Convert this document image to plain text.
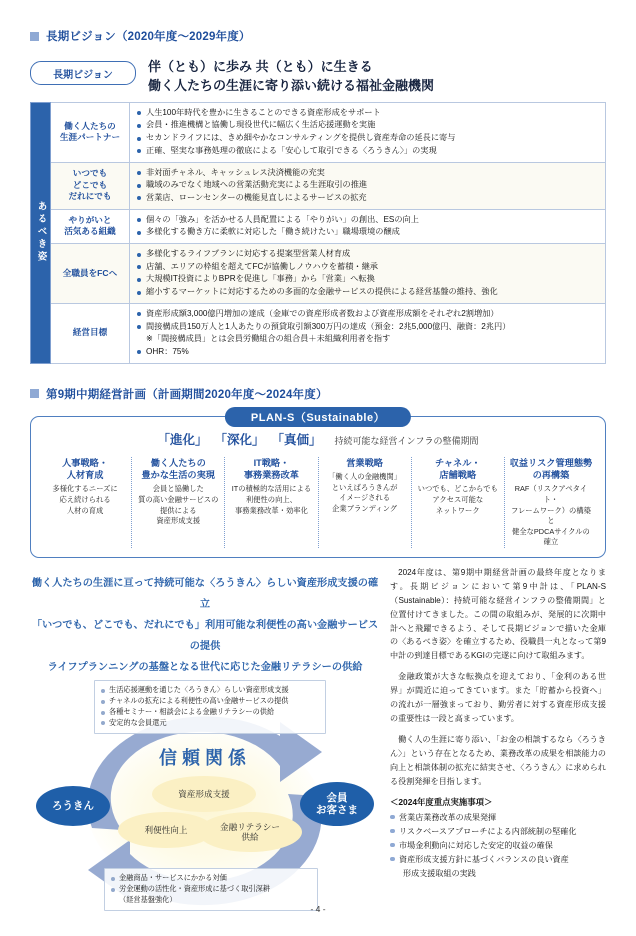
長期ビジョン（2020年度〜2029年度）
長期ビジョン
伴（とも）に歩み 共（とも）に生きる
働く人たちの生涯に寄り添い続ける福祉金融機関
あるべき姿
働く人たちの
生涯パートナー
人生100年時代を豊かに生きることのできる資産形成をサポート
会員・推進機構と協働し現役世代に幅広く生活応援運動を実施
セカンドライフには、きめ細やかなコンサルティングを提供し資産寿命の延長に寄与
正確、堅実な事務処理の徹底による「安心して取引できる〈ろうきん〉」の実現
いつでも
どこでも
だれにでも
非対面チャネル、キャッシュレス決済機能の充実
職域のみでなく地域への営業活動充実による生涯取引の推進
営業店、ローンセンターの機能見直しによるサービスの拡充
やりがいと
活気ある組織
個々の「強み」を活かせる人員配置による「やりがい」の創出、ESの向上
多様化する働き方に柔軟に対応した「働き続けたい」職場環境の醸成
全職員をFCへ
多様化するライフプランに対応する提案型営業人材育成
店舗、エリアの枠組を超えてFCが協働しノウハウを蓄積・継承
大規模IT投資によりBPRを促進し「事務」から「営業」へ転換
縮小するマーケットに対応するための多面的な金融サービスの提供による経営基盤の維持、強化
経営目標
資産形成額3,000億円増加の達成（金庫での資産形成者数および資産形成額をそれぞれ2割増加）
間接構成員150万人と1人あたりの預貸取引額300万円の達成（預金：2兆5,000億円、融資：2兆円）
※「間接構成員」とは会員労働組合の組合員＋未組織利用者を指す
OHR：75%
第9期中期経営計画（計画期間2020年度〜2024年度）
PLAN-S（Sustainable）
「進化」 「深化」 「真価」 持続可能な経営インフラの整備期間
人事戦略・
人材育成
多様化するニーズに
応え続けられる
人材の育成
働く人たちの
豊かな生活の実現
会員と協働した
質の高い金融サービスの
提供による
資産形成支援
IT戦略・
事務業務改革
ITの積極的な活用による
利便性の向上、
事務業務改革・効率化
営業戦略
「働く人の金融機関」
といえばろうきんが
イメージされる
企業ブランディング
チャネル・
店舗戦略
いつでも、どこからでも
アクセス可能な
ネットワーク
収益リスク管理態勢
の再構築
RAF（リスクアペタイト・
フレームワーク）の構築と
健全なPDCAサイクルの
確立
働く人たちの生涯に亘って持続可能な〈ろうきん〉らしい資産形成支援の確立
「いつでも、どこでも、だれにでも」利用可能な利便性の高い金融サービスの提供
ライフプランニングの基盤となる世代に応じた金融リテラシーの供給
生活応援運動を通じた〈ろうきん〉らしい資産形成支援
チャネルの拡充による利便性の高い金融サービスの提供
各種セミナー・相談会による金融リテラシーの供給
安定的な会員還元
信頼関係
ろうきん
会員
お客さま
資産形成支援
利便性向上	金融リテラシー
供給
金融商品・サービスにかかる対価
労金運動の活性化・資産形成に基づく取引深耕
（経営基盤強化）
2024年度は、第9期中期経営計画の最終年度となります。長期ビジョンにおいて第9中計は、「PLAN-S（Sustainable）：持続可能な経営インフラの整備期間」と位置付けてきました。この間の取組みが、発展的に次期中計へと飛躍できるよう、そして長期ビジョンで描いた金庫の〈あるべき姿〉を確立するため、役職員一丸となって第9中計の到達目標であるKGIの完遂に向けて取組みます。
金融政策が大きな転換点を迎えており、「金利のある世界」が間近に迫ってきています。また「貯蓄から投資へ」の流れが一層強まっており、勤労者に対する資産形成支援の重要性は一段と高まっています。
働く人の生涯に寄り添い、「お金の相談するなら〈ろうきん〉」という存在となるため、業務改革の成果を相談能力の向上と相談体制の拡充に結実させ、〈ろうきん〉に求められる役割発揮を目指します。
＜2024年度重点実施事項＞
営業店業務改革の成果発揮
リスクベースアプローチによる内部統制の堅確化
市場金利動向に対応した安定的収益の確保
資産形成支援方針に基づくバランスの良い資産
形成支援取組の実践
- 4 -
